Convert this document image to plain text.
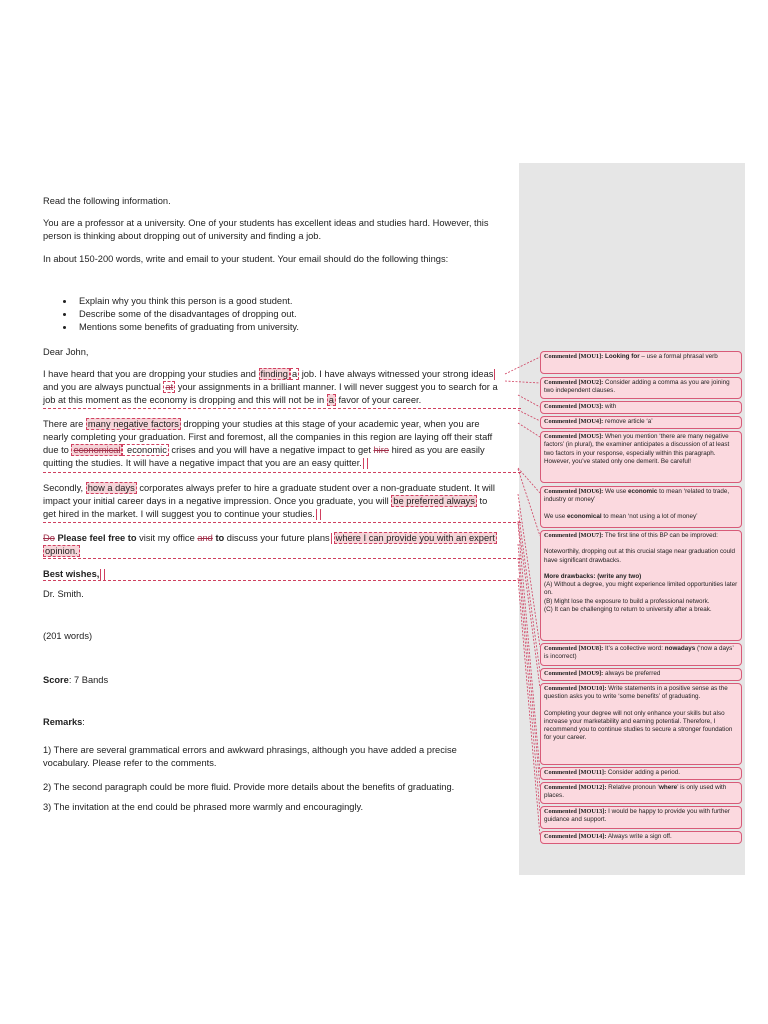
Read the following information.

You are a professor at a university. One of your students has excellent ideas and studies hard. However, this
person is thinking about dropping out of university and finding a job.

In about 150-200 words, write and email to your student. Your email should do the following things:

• Explain why you think this person is a good student.
• Describe some of the disadvantages of dropping out.
• Mentions some benefits of graduating from university.

Dear John,

I have heard that you are dropping your studies and finding a job. I have always witnessed your strong ideas
and you are always punctual at your assignments in a brilliant manner. I will never suggest you to search for a
job at this moment as the economy is dropping and this will not be in a favor of your career.

There are many negative factors dropping your studies at this stage of your academic year, when you are
nearly completing your graduation. First and foremost, all the companies in this region are laying off their staff
due to economical economic crises and you will have a negative impact to get hire hired as you are easily
quitting the studies. It will have a negative impact that you are an easy quitter.

Secondly, how a days corporates always prefer to hire a graduate student over a non-graduate student. It will
impact your initial career days in a negative impression. Once you graduate, you will be preferred always to
get hired in the market. I will suggest you to continue your studies.

Do Please feel free to visit my office and to discuss your future plans where I can provide you with an expert
opinion.

Best wishes,

Dr. Smith.

(201 words)

Score: 7 Bands

Remarks:

1) There are several grammatical errors and awkward phrasings, although you have added a precise
vocabulary. Please refer to the comments.

2) The second paragraph could be more fluid. Provide more details about the benefits of graduating.

3) The invitation at the end could be phrased more warmly and encouragingly.

Commented [MOU1]: Looking for – use a formal phrasal verb

Commented [MOU2]: Consider adding a comma as you are joining two independent clauses.

Commented [MOU3]: with

Commented [MOU4]: remove article ‘a’

Commented [MOU5]: When you mention ‘there are many negative factors’ (in plural), the examiner anticipates a discussion of at least two factors in your response, especially within this paragraph. However, you’ve stated only one demerit. Be careful!

Commented [MOU6]: We use economic to mean ‘related to trade, industry or money’

We use economical to mean ‘not using a lot of money’

Commented [MOU7]: The first line of this BP can be improved:

Noteworthily, dropping out at this crucial stage near graduation could have significant drawbacks.

More drawbacks: (write any two)

(A) Without a degree, you might experience limited opportunities later on.

(B) Might lose the exposure to build a professional network.

(C) It can be challenging to return to university after a break.

Commented [MOU8]: It’s a collective word: nowadays (‘now a days’ is incorrect)

Commented [MOU9]: always be preferred

Commented [MOU10]: Write statements in a positive sense as the question asks you to write ‘some benefits’ of graduating.

Completing your degree will not only enhance your skills but also increase your marketability and earning potential. Therefore, I recommend you to continue studies to secure a stronger foundation for your career.

Commented [MOU11]: Consider adding a period.

Commented [MOU12]: Relative pronoun ‘where’ is only used with places.

Commented [MOU13]: I would be happy to provide you with further guidance and support.

Commented [MOU14]: Always write a sign off.
